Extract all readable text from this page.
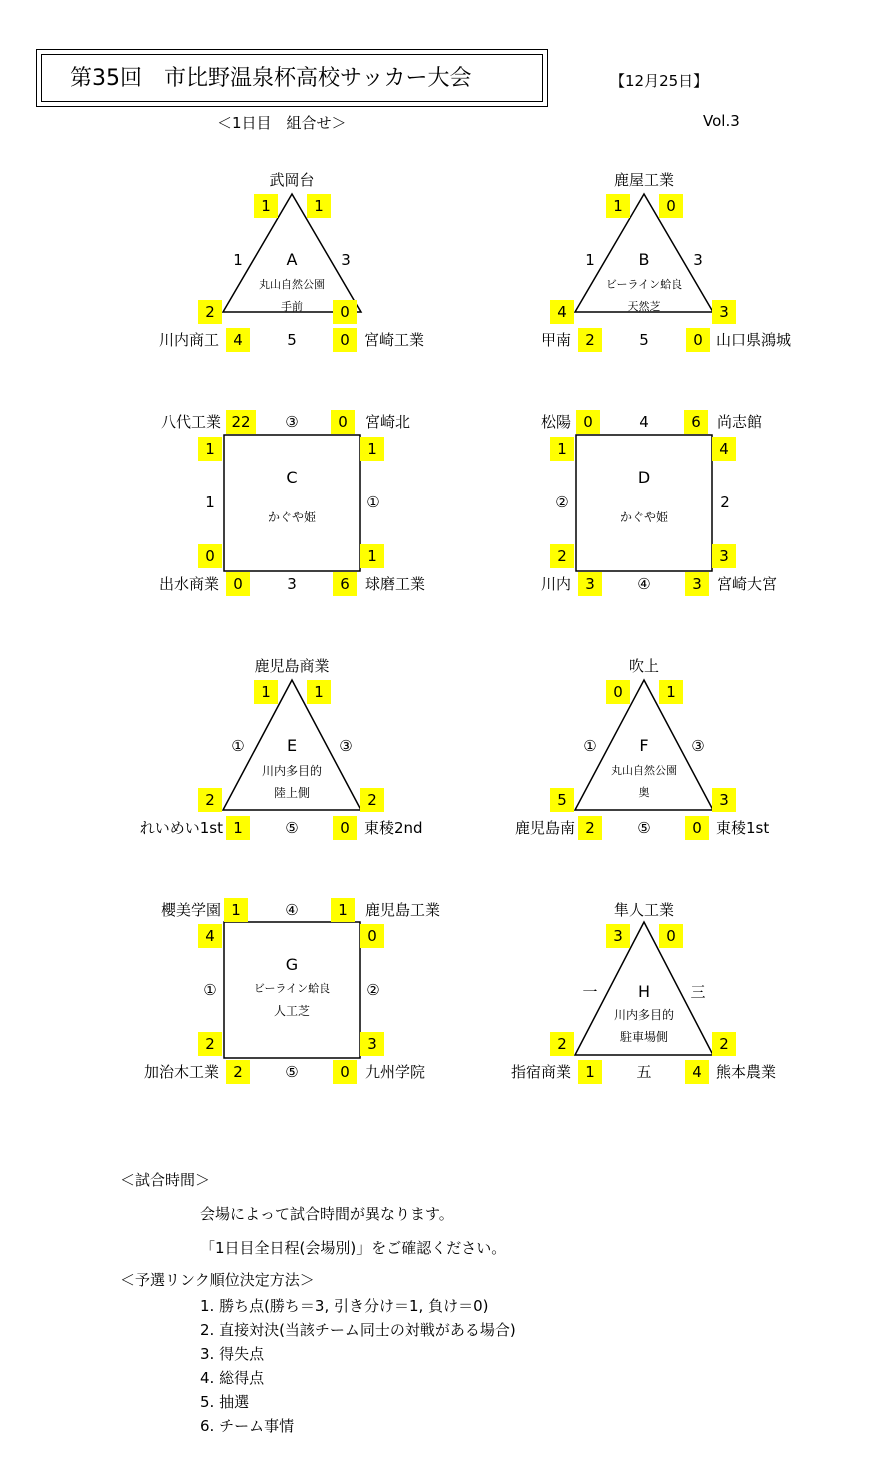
第35回　市比野温泉杯高校サッカー大会	【12月25日】
＜1日目　組合せ＞	Vol.3
武岡台
1	1
1	3
A
丸山自然公園
手前
2	0
川内商工 4	5	0 宮崎工業
鹿屋工業
1	0
1	3
B
ビーライン蛤良
天然芝
4	3
甲南 2	5	0 山口県鴻城
八代工業 22	③	0	宮崎北
1	1
C
1	①
かぐや姫
0	1
出水商業 0	3	6	球磨工業
松陽 0	4	6	尚志館
1	4
D
②	2
かぐや姫
2	3
川内 3	④	3	宮崎大宮
鹿児島商業
1	1
①	③
E
川内多目的
陸上側
2	2
れいめい1st 1	⑤	0 東稜2nd
吹上
0	1
①	③
F
丸山自然公園
奥
5	3
鹿児島南 2	⑤	0 東稜1st
櫻美学園 1	④	1	鹿児島工業
4	0
G
①	②
ビーライン蛤良
人工芝
2	3
加治木工業 2	⑤	0	九州学院
隼人工業
3	0
一	三
H
川内多目的
駐車場側
2	2
指宿商業 1	五	4 熊本農業
＜試合時間＞
会場によって試合時間が異なります。
「1日目全日程(会場別)」をご確認ください。
＜予選リンク順位決定方法＞
1. 勝ち点(勝ち＝3, 引き分け＝1, 負け＝0)
2. 直接対決(当該チーム同士の対戦がある場合)
3. 得失点
4. 総得点
5. 抽選
6. チーム事情
